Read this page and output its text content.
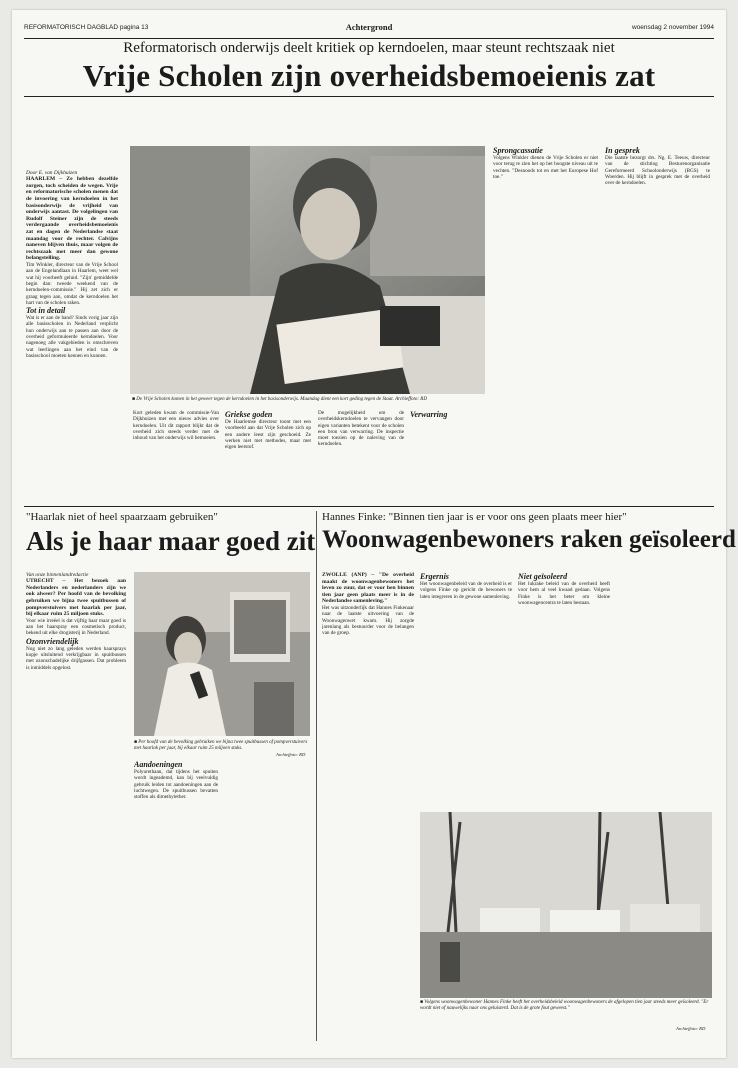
REFORMATORISCH DAGBLAD pagina 13	Achtergrond	woensdag 2 november 1994
Reformatorisch onderwijs deelt kritiek op kerndoelen, maar steunt rechtszaak niet
Vrije Scholen zijn overheidsbemoeienis zat

Door E. van Dijkhuizen

HAARLEM – Ze hebben dezelfde zorgen, toch scheiden de wegen. Vrije en reformatorische scholen menen dat de invoering van kerndoelen in het basisonderwijs de vrijheid van onderwijs aantast. De volgelingen van Rudolf Steiner zijn de steeds verdergaande overheidsbemoeienis zat en dagen de Nederlandse staat maandag voor de rechter. Calvijns naneven blijven thuis, maar volgen de rechtszaak met meer dan gewone belangstelling.

Tim Winkler, directeur van de Vrije School aan de Engelandlaan in Haarlem, weet wel wat hij voorheeft geluid. "Zijn' gemiddelde begin dan: tweede weekend van de kerndoelen-commissie." Hij zet zich er graag tegen aan, omdat de kerndoelen het hart van de scholen raken.

Tot in detail

Wat is er aan de hand? Sinds vorig jaar zijn alle basisscholen in Nederland verplicht hun onderwijs aan te passen aan door de overheid geformuleerde kerndoelen. Voor nagenoeg alle vakgebieden is omschreven wat leerlingen aan het eind van de basisschool moeten kennen en kunnen.

■ De Vrije Scholen komen in het geweer tegen de kerndoelen in het basisonderwijs. Maandag dient een kort geding tegen de Staat. Archieffoto: RD

Kort geleden kwam de commissie-Van Dijkhuizen met een nieuw advies over kerndoelen. Uit dit rapport blijkt dat de overheid zich steeds verder met de inhoud van het onderwijs wil bemoeien.

Griekse goden

De Haarlemse directeur toont met een voorbeeld aan dat Vrije Scholen zich op een andere leest zijn geschoeid. Ze werken niet met methodes, maar met eigen leerstof.

De mogelijkheid om de overheidskerndoelen te vervangen door eigen varianten betekent voor de scholen een bron van verwarring. De inspectie moet toezien op de naleving van de kerndoelen.

Verwarring

Sprongcassatie

Volgens Winkler dienen de Vrije Scholen er niet voor terug te zien het op het hoogste niveau uit te vechten. "Desnoods tot en met het Europese Hof toe."

In gesprek

Die laatste bezorgt drs. Ng. E. Teeuw, directeur van de stichting Besturenorganisatie Gereformeerd Schoolonderwijs (BGS) te Woerden. Hij blijft in gesprek met de overheid over de kerndoelen.

"Haarlak niet of heel spaarzaam gebruiken"
Als je haar maar goed zit

Van onze binnenlandredactie

UTRECHT – Het bezoek aan Nederlanders en nederlanders zijn we ook alweer? Per hoofd van de bevolking gebruiken we bijna twee spuitbussen of pompverstuivers met haarlak per jaar, bij elkaar ruim 25 miljoen stuks.

Voor wie irreëel is dat vijftig haar maar goed is aan het haarspray een cosmetisch product, bekend uit elke drogisterij in Nederland.

Ozonvriendelijk

Nog niet zo lang geleden werden haarsprays kopje uitsluitend verkrijgbaar in spuitbussen met ozonschadelijke drijfgassen. Dat probleem is inmiddels opgelost.

■ Per hoofd van de bevolking gebruiken we bijna twee spuitbussen of pompverstuivers met haarlak per jaar, bij elkaar ruim 25 miljoen stuks.
Archieffoto: RD

Aandoeningen

Polyurethaan, dat tijdens het spuiten wordt ingeademd, kan bij veelvuldig gebruik leiden tot aandoeningen aan de luchtwegen. De spuitbussen bevatten stoffen als dimethylether.

Hannes Finke: "Binnen tien jaar is er voor ons geen plaats meer hier"
Woonwagenbewoners raken geïsoleerd

ZWOLLE (ANP) – "De overheid maakt de woonwagenbewoners het leven zo zuur, dat er voor hen binnen tien jaar geen plaats meer is in de Nederlandse samenleving."

Het was uitzonderlijk dat Hannes Finkenaar naar de laatste uitvoering van de Woonwagenwet kwam. Hij zorgde jarenlang als bestuurder voor de belangen van de groep.

Ergernis

Het woonwagenbeleid van de overheid is er volgens Finke op gericht de bewoners te laten integreren in de gewone samenleving.

Niet geïsoleerd

Het lukrake beleid van de overheid heeft voor hem al veel kwaad gedaan. Volgens Finke is het beter om kleine woonwagencentra te laten bestaan.

■ Volgens woonwagenbewoner Hannes Finke heeft het overheidsbeleid woonwagenbewoners de afgelopen tien jaar steeds meer geïsoleerd. "Er wordt niet of nauwelijks naar ons geluisterd. Dat is de grote fout geweest."
Archieffoto: RD
